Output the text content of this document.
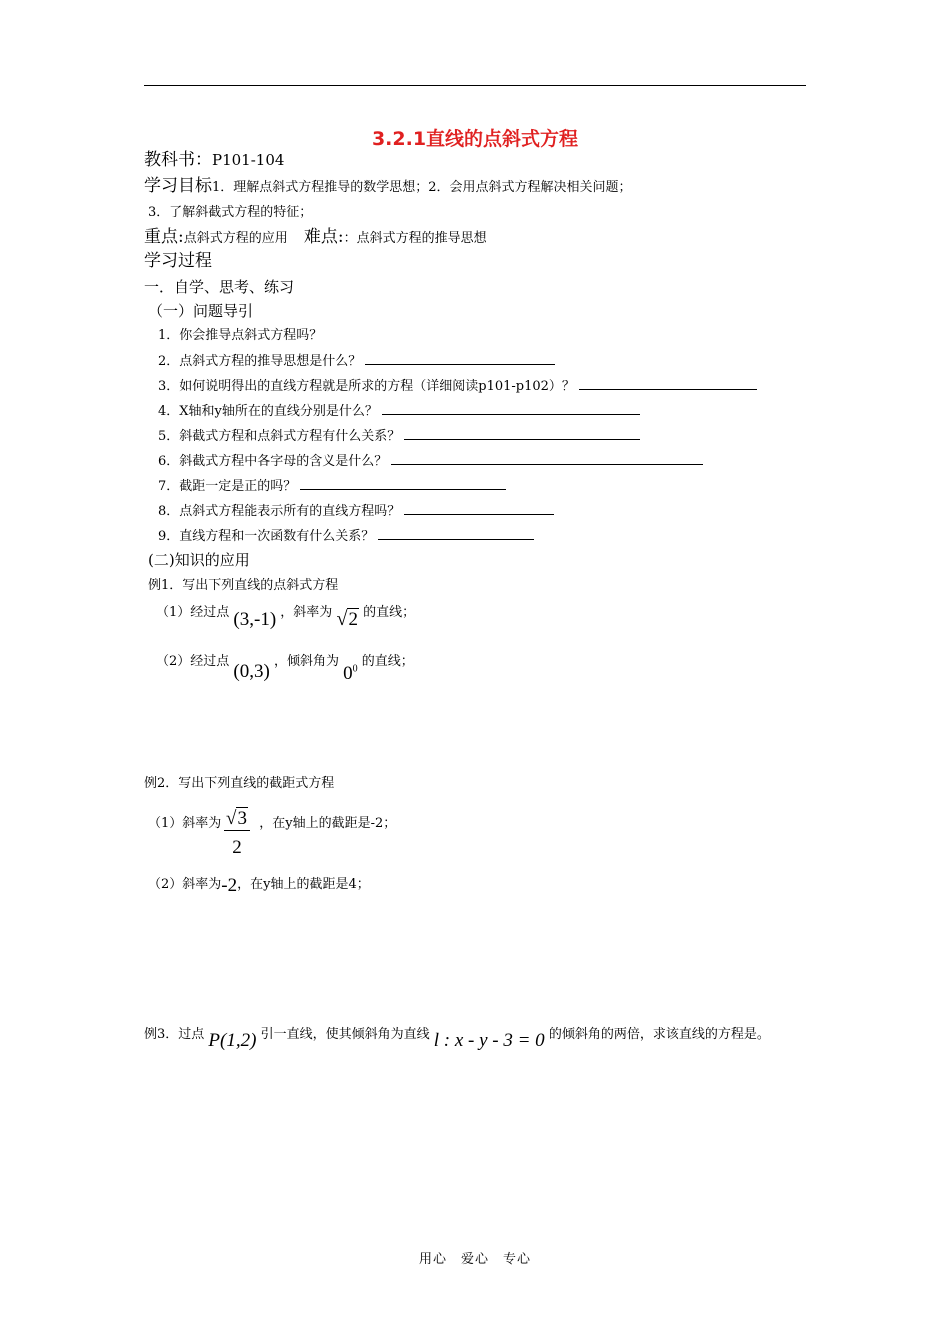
3.2.1直线的点斜式方程
教科书：P101-104
学习目标1．理解点斜式方程推导的数学思想；2．会用点斜式方程解决相关问题；
3．了解斜截式方程的特征；
重点:点斜式方程的应用 难点:：点斜式方程的推导思想
学习过程
一．自学、思考、练习
（一）问题导引
1．你会推导点斜式方程吗？
2．点斜式方程的推导思想是什么？
3．如何说明得出的直线方程就是所求的方程（详细阅读p101-p102）？
4．X轴和y轴所在的直线分别是什么？
5．斜截式方程和点斜式方程有什么关系？
6．斜截式方程中各字母的含义是什么？
7．截距一定是正的吗？
8．点斜式方程能表示所有的直线方程吗？
9．直线方程和一次函数有什么关系？
(二)知识的应用
例1．写出下列直线的点斜式方程
（1）经过点 (3,-1) ，斜率为 √2 的直线；
（2）经过点 (0,3) ，倾斜角为 $0^0$ 的直线；
例2．写出下列直线的截距式方程
（1）斜率为	，在y轴上的截距是-2；
$\frac{√3}{2}$
（2）斜率为-2，在y轴上的截距是4；
例3．过点 P(1,2) 引一直线，使其倾斜角为直线 l : x - y - 3 = 0 的倾斜角的两倍，求该直线的方程是。
用心　爱心　专心
